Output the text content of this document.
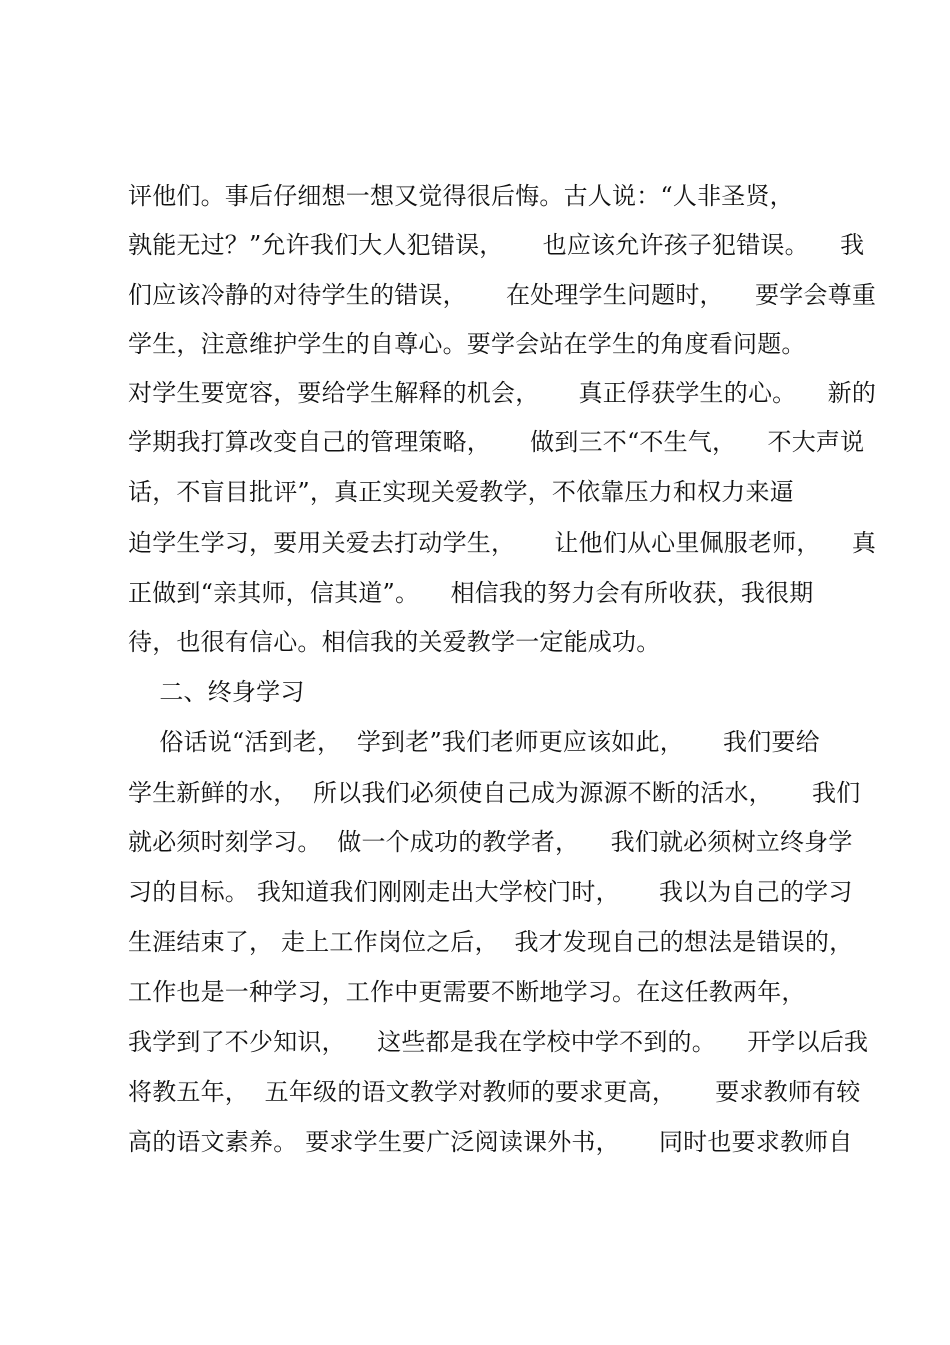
评他们。事后仔细想一想又觉得很后悔。古人说：“人非圣贤，
孰能无过？”允许我们大人犯错误，     也应该允许孩子犯错误。    我
们应该冷静的对待学生的错误，     在处理学生问题时，    要学会尊重
学生，注意维护学生的自尊心。要学会站在学生的角度看问题。
对学生要宽容，要给学生解释的机会，     真正俘获学生的心。    新的
学期我打算改变自己的管理策略，     做到三不“不生气，    不大声说
话，不盲目批评”，真正实现关爱教学，不依靠压力和权力来逼
迫学生学习，要用关爱去打动学生，     让他们从心里佩服老师，    真
正做到“亲其师，信其道”。    相信我的努力会有所收获，我很期
待，也很有信心。相信我的关爱教学一定能成功。
二、终身学习
俗话说“活到老，  学到老”我们老师更应该如此，     我们要给
学生新鲜的水，  所以我们必须使自己成为源源不断的活水，     我们
就必须时刻学习。  做一个成功的教学者，    我们就必须树立终身学
习的目标。 我知道我们刚刚走出大学校门时，     我以为自己的学习
生涯结束了， 走上工作岗位之后，  我才发现自己的想法是错误的，
工作也是一种学习，工作中更需要不断地学习。在这任教两年，
我学到了不少知识，    这些都是我在学校中学不到的。    开学以后我
将教五年，  五年级的语文教学对教师的要求更高，     要求教师有较
高的语文素养。 要求学生要广泛阅读课外书，     同时也要求教师自
